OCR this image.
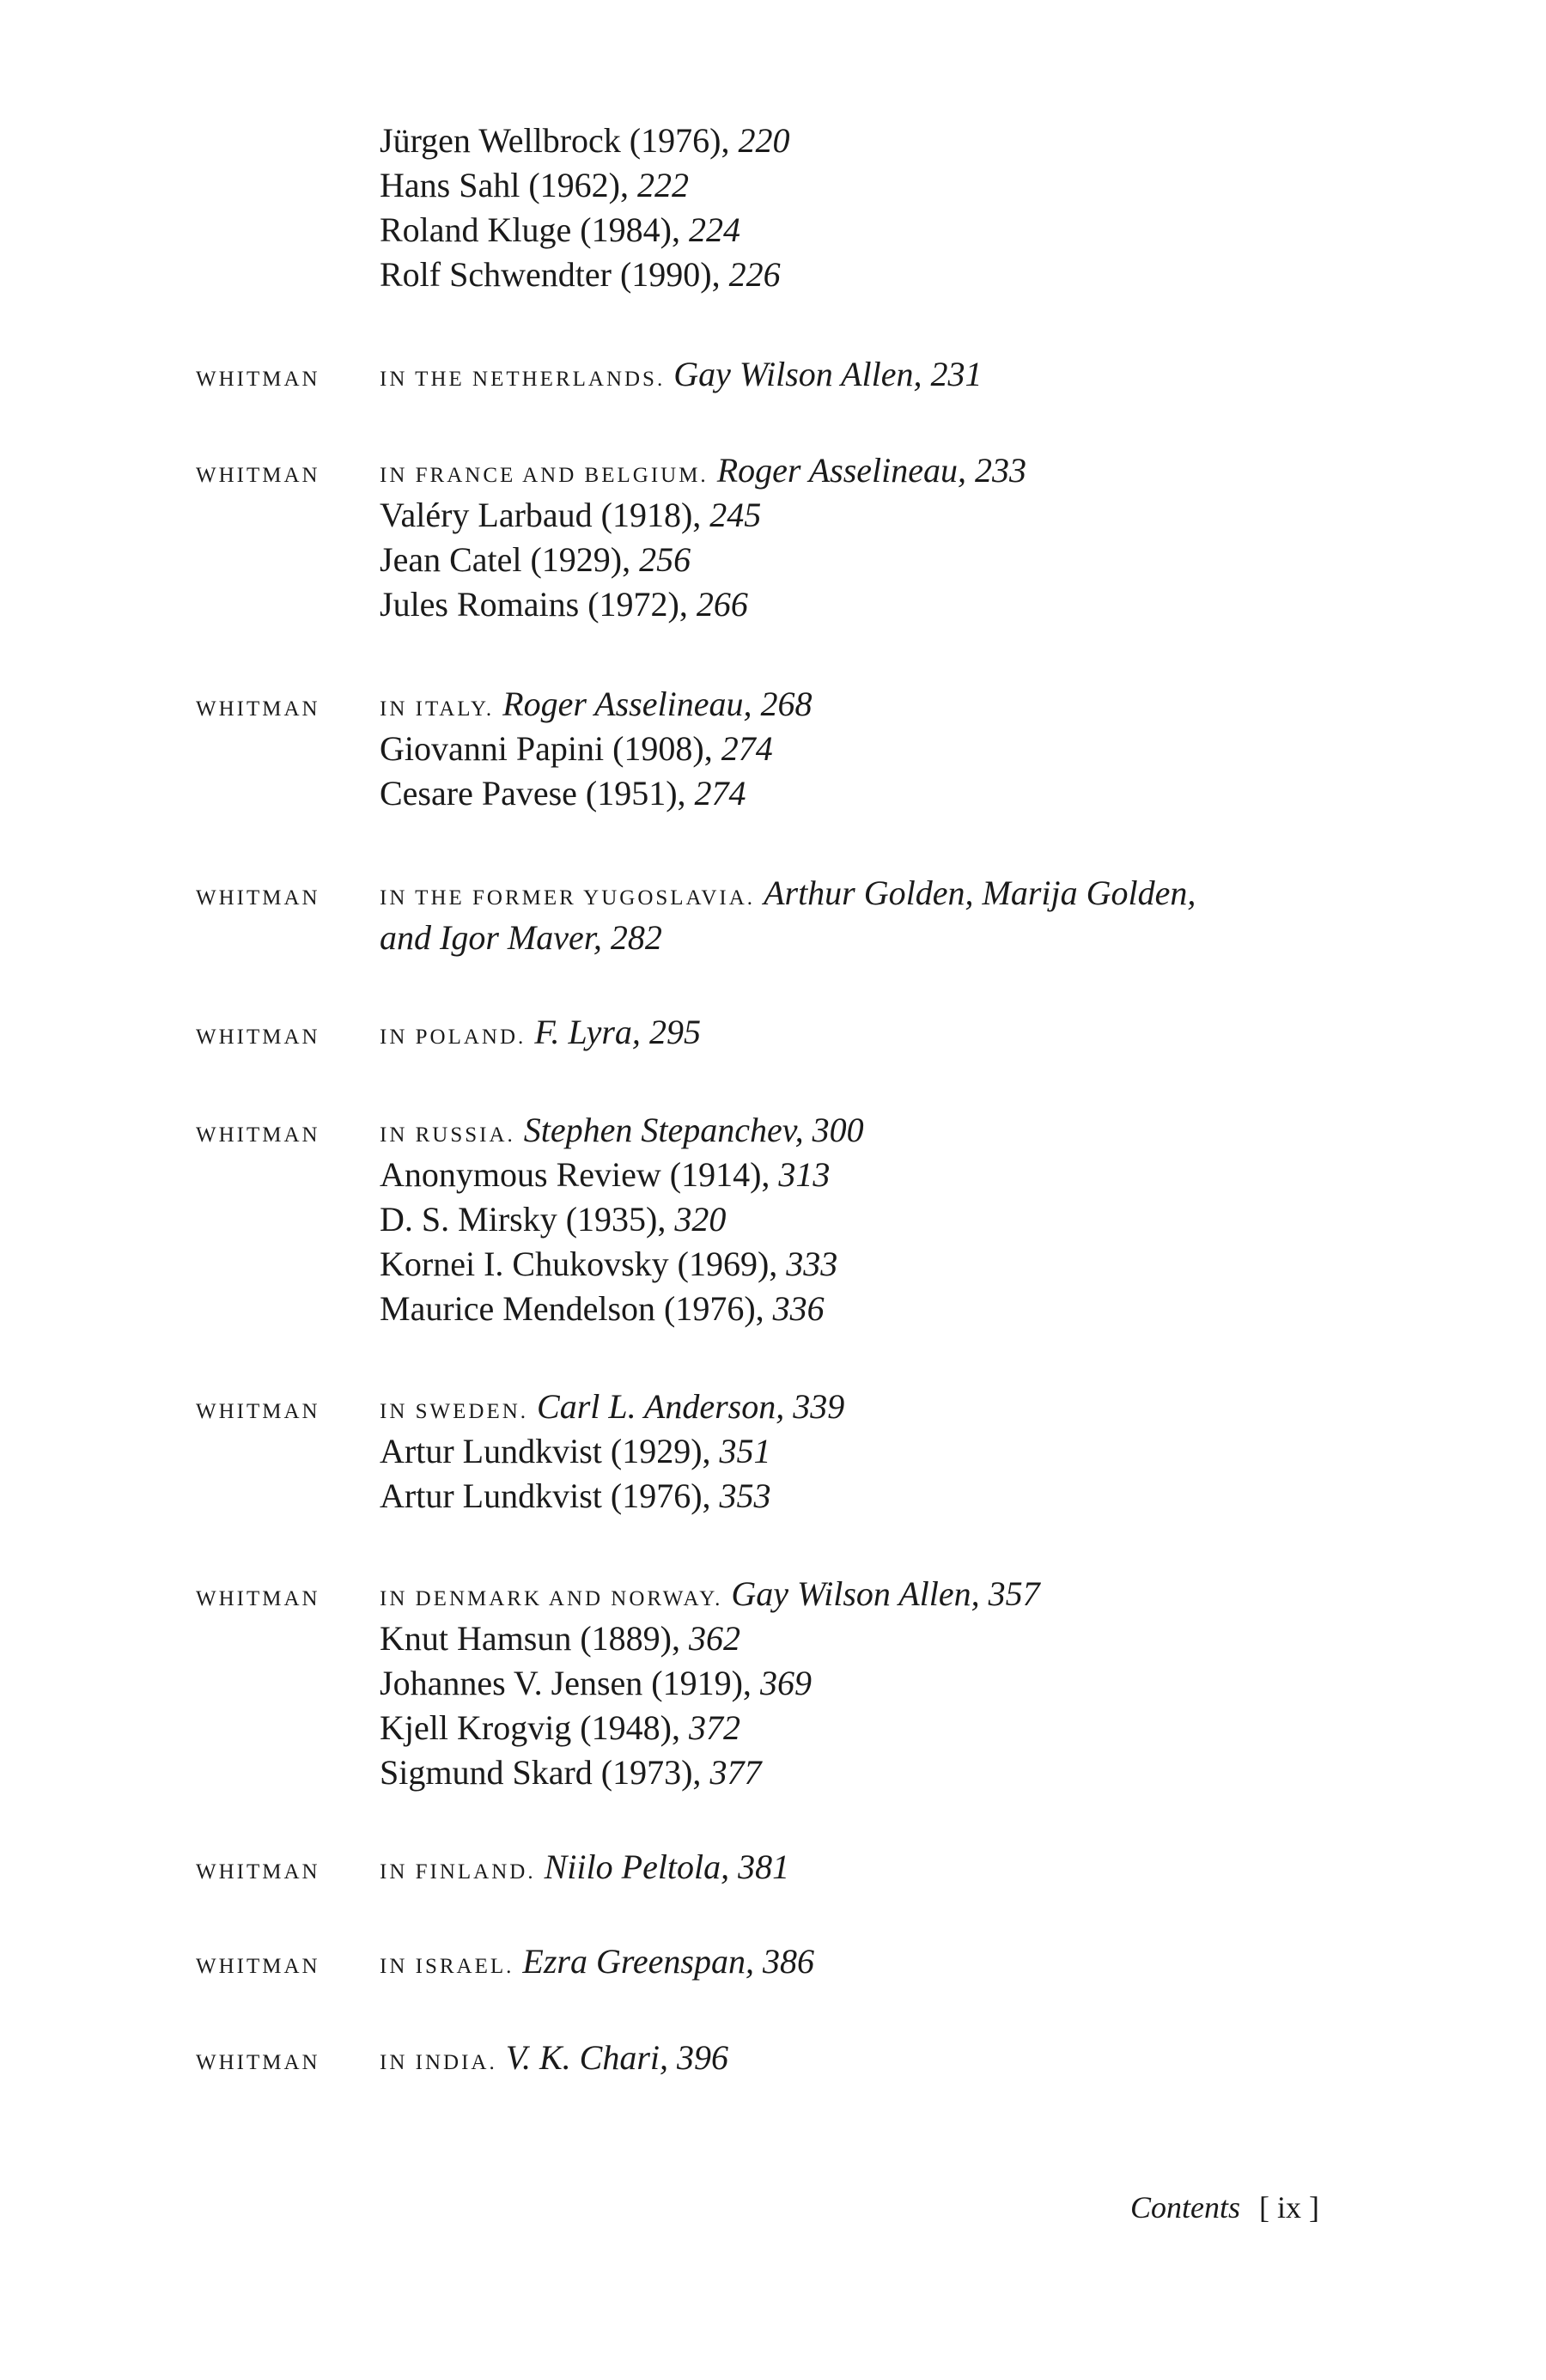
Jürgen Wellbrock (1976), 220
Hans Sahl (1962), 222
Roland Kluge (1984), 224
Rolf Schwendter (1990), 226
WHITMAN	IN THE NETHERLANDS. Gay Wilson Allen, 231
WHITMAN	IN FRANCE AND BELGIUM. Roger Asselineau, 233
Valéry Larbaud (1918), 245
Jean Catel (1929), 256
Jules Romains (1972), 266
WHITMAN	IN ITALY. Roger Asselineau, 268
Giovanni Papini (1908), 274
Cesare Pavese (1951), 274
WHITMAN	IN THE FORMER YUGOSLAVIA. Arthur Golden, Marija Golden,
and Igor Maver, 282
WHITMAN	IN POLAND. F. Lyra, 295
WHITMAN	IN RUSSIA. Stephen Stepanchev, 300
Anonymous Review (1914), 313
D. S. Mirsky (1935), 320
Kornei I. Chukovsky (1969), 333
Maurice Mendelson (1976), 336
WHITMAN	IN SWEDEN. Carl L. Anderson, 339
Artur Lundkvist (1929), 351
Artur Lundkvist (1976), 353
WHITMAN	IN DENMARK AND NORWAY. Gay Wilson Allen, 357
Knut Hamsun (1889), 362
Johannes V. Jensen (1919), 369
Kjell Krogvig (1948), 372
Sigmund Skard (1973), 377
WHITMAN	IN FINLAND. Niilo Peltola, 381
WHITMAN	IN ISRAEL. Ezra Greenspan, 386
WHITMAN	IN INDIA. V. K. Chari, 396
Contents [ ix ]
